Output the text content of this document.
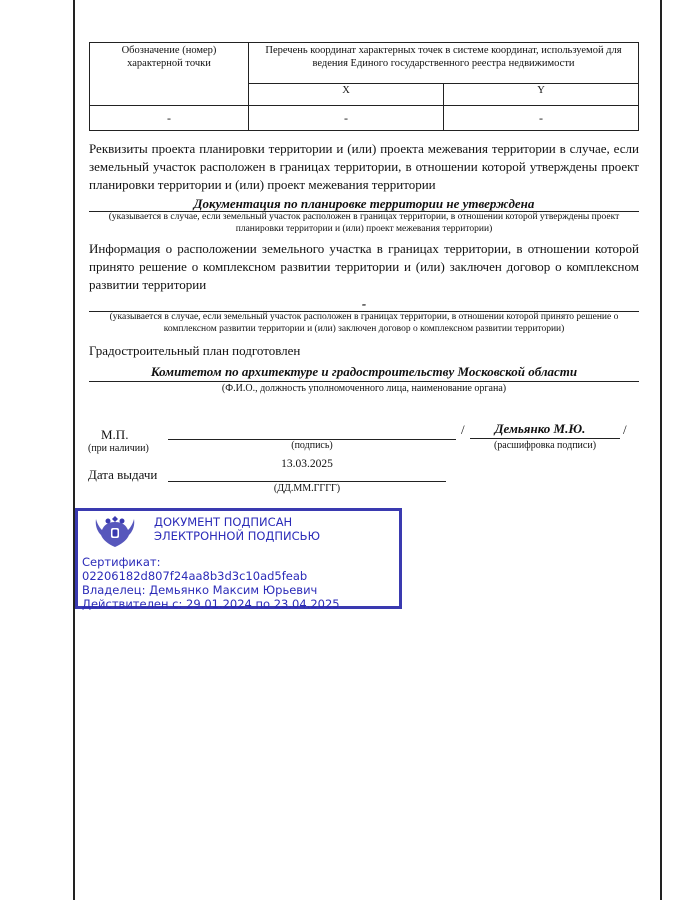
Обозначение (номер) характерной точки	Перечень координат характерных точек в системе координат, используемой для ведения Единого государственного реестра недвижимости	
	X	Y
-	-	-
Реквизиты проекта планировки территории и (или) проекта межевания территории в случае, если земельный участок расположен в границах территории, в отношении которой утверждены проект планировки территории и (или) проект межевания территории
Документация по планировке территории не утверждена
(указывается в случае, если земельный участок расположен в границах территории, в отношении которой утверждены проект планировки территории и (или) проект межевания территории)
Информация о расположении земельного участка в границах территории, в отношении которой принято решение о комплексном развитии территории и (или) заключен договор о комплексном развитии территории
-
(указывается в случае, если земельный участок расположен в границах территории, в отношении которой принято решение о комплексном развитии территории и (или) заключен договор о комплексном развитии территории)
Градостроительный план подготовлен
Комитетом по архитектуре и градостроительству Московской области
(Ф.И.О., должность уполномоченного лица, наименование органа)
М.П.
(при наличии)	(подпись)
/	Демьянко М.Ю.	/
(расшифровка подписи)
Дата выдачи
13.03.2025
(ДД.ММ.ГГГГ)
ДОКУМЕНТ ПОДПИСАН
ЭЛЕКТРОННОЙ ПОДПИСЬЮ
Сертификат:
02206182d807f24aa8b3d3c10ad5feab
Владелец: Демьянко Максим Юрьевич
Действителен с: 29.01.2024 по 23.04.2025
